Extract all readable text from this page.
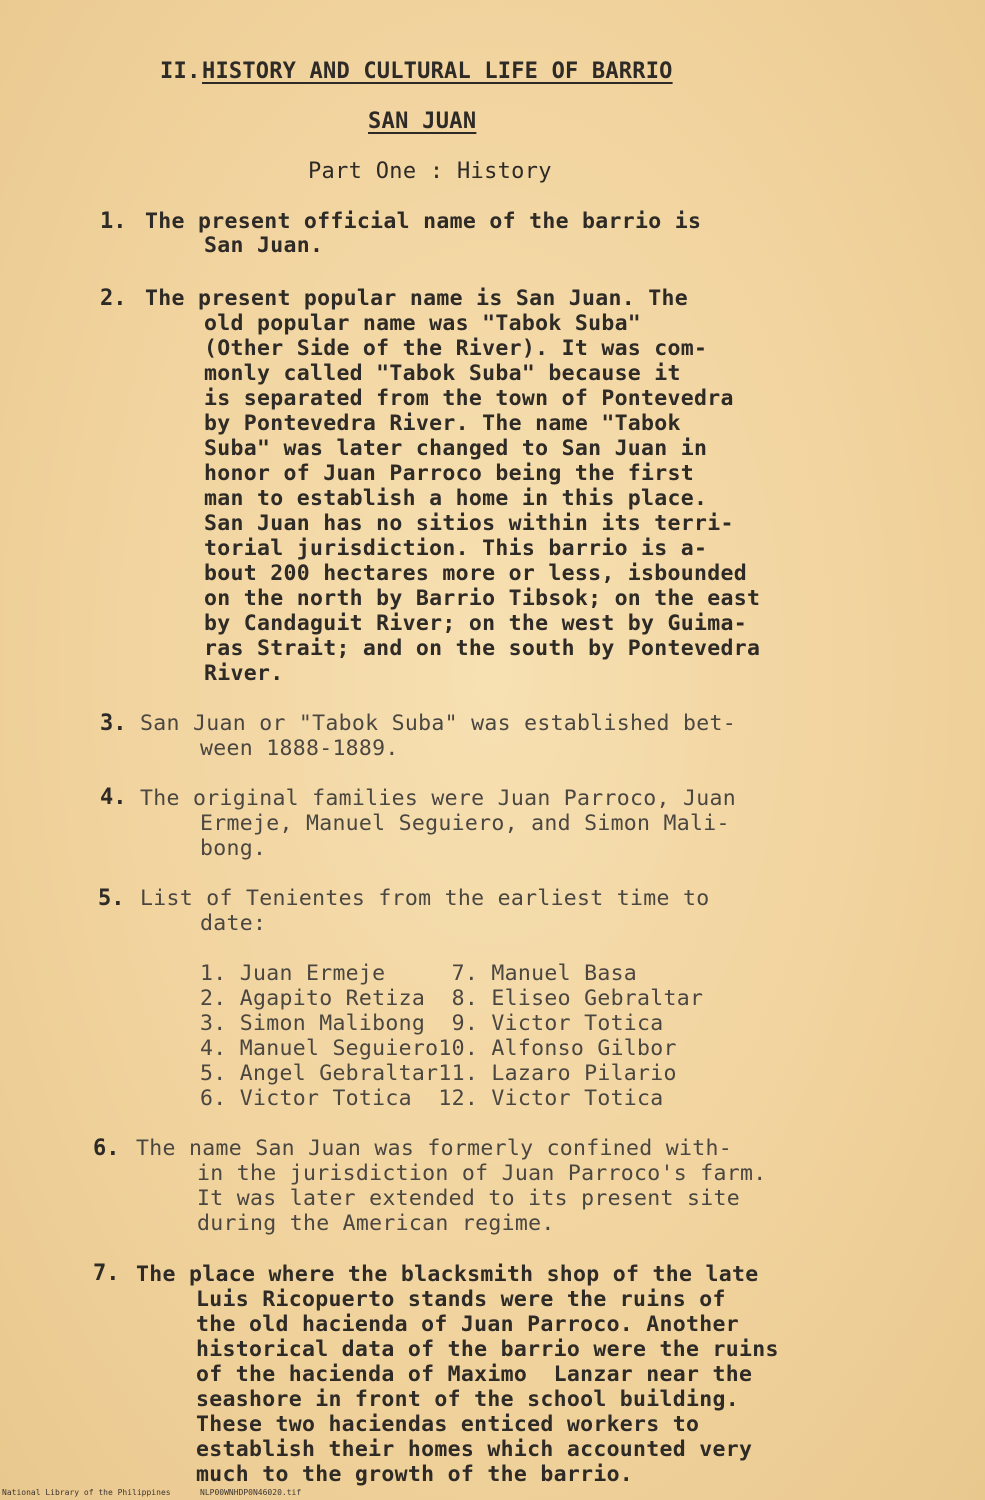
II. HISTORY AND CULTURAL LIFE OF BARRIO
SAN JUAN
Part One : History
1. The present official name of the barrio is
San Juan.
2. The present popular name is San Juan. The
old popular name was "Tabok Suba"
(Other Side of the River). It was com-
monly called "Tabok Suba" because it
is separated from the town of Pontevedra
by Pontevedra River. The name "Tabok
Suba" was later changed to San Juan in
honor of Juan Parroco being the first
man to establish a home in this place.
San Juan has no sitios within its terri-
torial jurisdiction. This barrio is a-
bout 200 hectares more or less, isbounded
on the north by Barrio Tibsok; on the east
by Candaguit River; on the west by Guima-
ras Strait; and on the south by Pontevedra
River.
3. San Juan or "Tabok Suba" was established bet-
ween 1888-1889.
4. The original families were Juan Parroco, Juan
Ermeje, Manuel Seguiero, and Simon Mali-
bong.
5. List of Tenientes from the earliest time to
date:
1. Juan Ermeje     7. Manuel Basa
2. Agapito Retiza  8. Eliseo Gebraltar
3. Simon Malibong  9. Victor Totica
4. Manuel Seguiero10. Alfonso Gilbor
5. Angel Gebraltar11. Lazaro Pilario
6. Victor Totica  12. Victor Totica
6. The name San Juan was formerly confined with-
in the jurisdiction of Juan Parroco's farm.
It was later extended to its present site
during the American regime.
7. The place where the blacksmith shop of the late
Luis Ricopuerto stands were the ruins of
the old hacienda of Juan Parroco. Another
historical data of the barrio were the ruins
of the hacienda of Maximo  Lanzar near the
seashore in front of the school building.
These two haciendas enticed workers to
establish their homes which accounted very
much to the growth of the barrio.
National Library of the Philippines	NLP00WNHDP0N46020.tif
